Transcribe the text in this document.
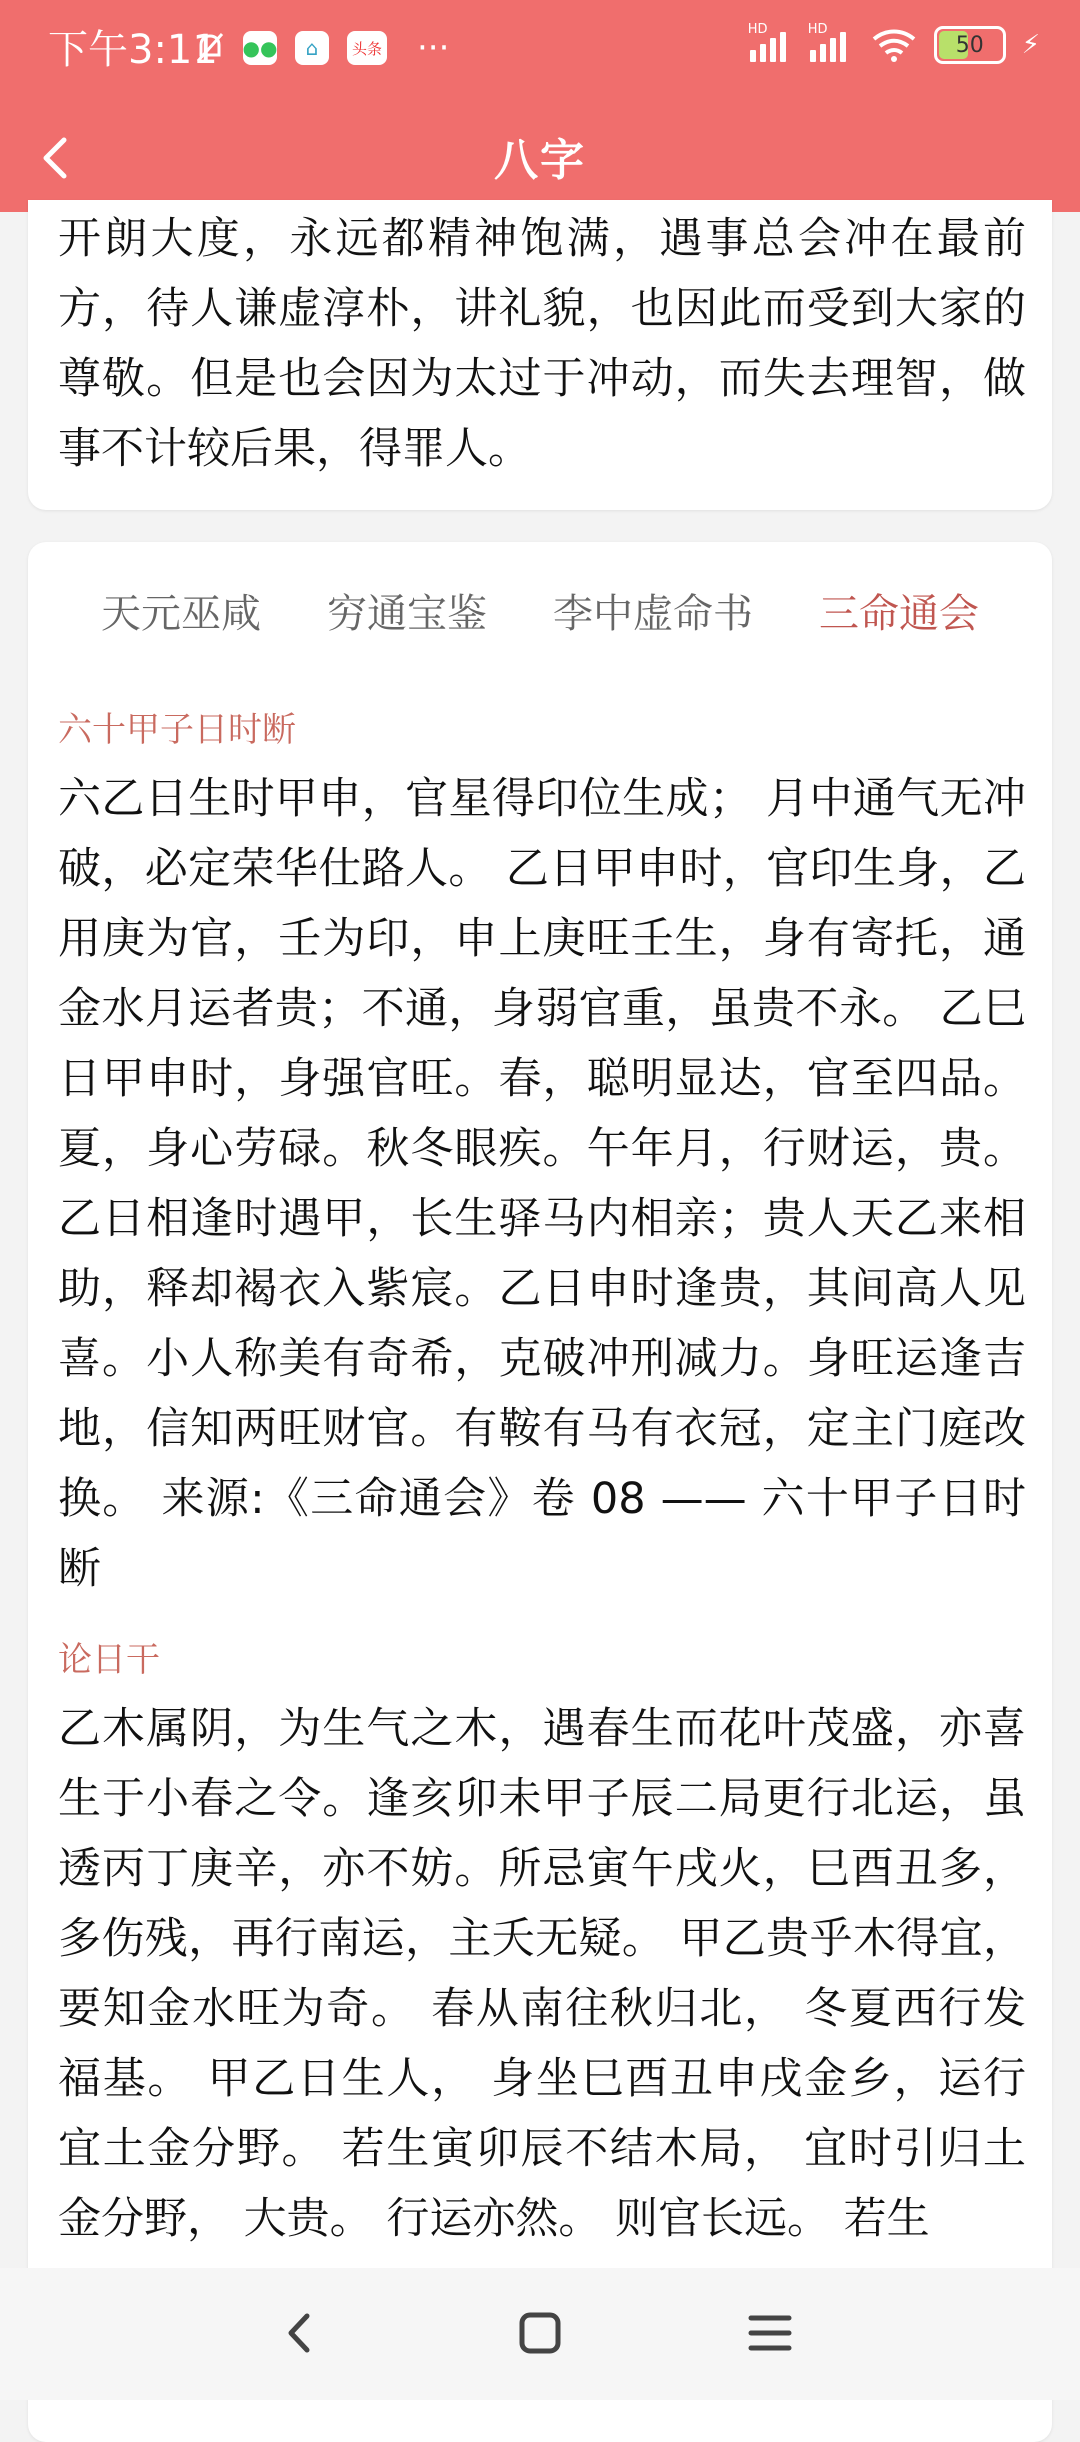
下午3:11 ●●	⌂	头条 ···	HD	HD
50 ⚡
八字

开朗大度，永远都精神饱满，遇事总会冲在最前方，待人谦虚淳朴，讲礼貌，也因此而受到大家的尊敬。但是也会因为太过于冲动，而失去理智，做事不计较后果，得罪人。

天元巫咸 穷通宝鉴 李中虚命书 三命通会
六十甲子日时断

六乙日生时甲申，官星得印位生成； 月中通气无冲破，必定荣华仕路人。 乙日甲申时，官印生身，乙用庚为官，壬为印，申上庚旺壬生，身有寄托，通金水月运者贵；不通，身弱官重，虽贵不永。 乙巳日甲申时，身强官旺。春，聪明显达，官至四品。夏，身心劳碌。秋冬眼疾。午年月，行财运，贵。 乙日相逢时遇甲，长生驿马内相亲；贵人天乙来相助，释却褐衣入紫宸。乙日申时逢贵，其间高人见喜。小人称美有奇希，克破冲刑减力。身旺运逢吉地，信知两旺财官。有鞍有马有衣冠，定主门庭改换。 来源:《三命通会》卷 08 —— 六十甲子日时断

论日干

乙木属阴，为生气之木，遇春生而花叶茂盛，亦喜生于小春之令。逢亥卯未甲子辰二局更行北运，虽透丙丁庚辛，亦不妨。所忌寅午戌火，巳酉丑多，多伤残，再行南运，主夭无疑。 甲乙贵乎木得宜， 要知金水旺为奇。 春从南往秋归北， 冬夏西行发福基。 甲乙日生人， 身坐巳酉丑申戌金乡，运行宜土金分野。 若生寅卯辰不结木局， 宜时引归土金分野， 大贵。 行运亦然。 则官长远。 若生
